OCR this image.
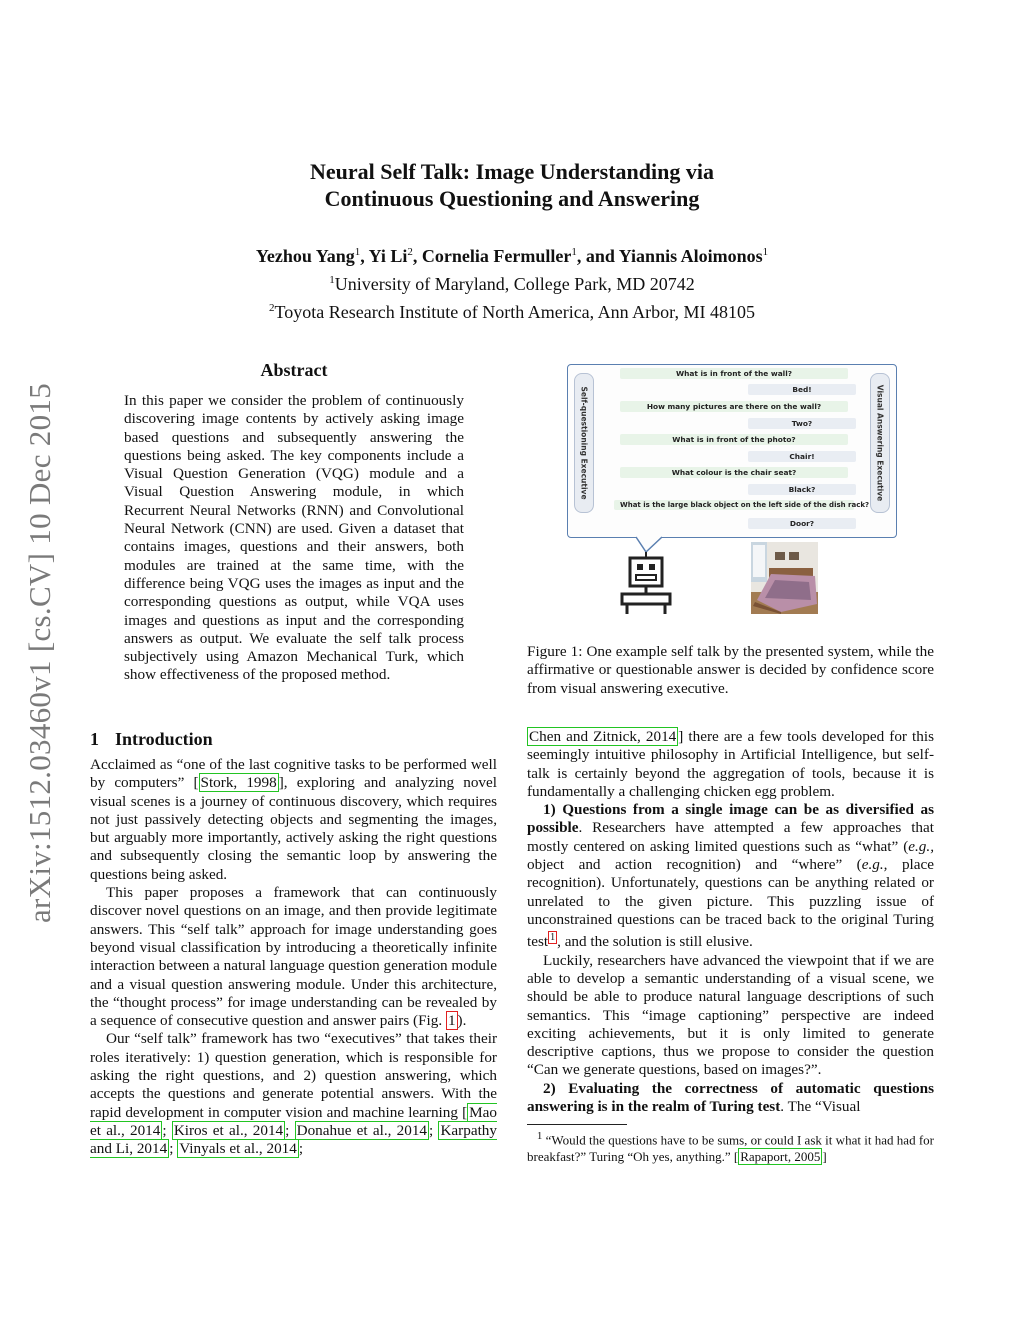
arXiv:1512.03460v1 [cs.CV] 10 Dec 2015
Neural Self Talk: Image Understanding via
Continuous Questioning and Answering
Yezhou Yang$^1$, Yi Li$^2$, Cornelia Fermuller$^1$, and Yiannis Aloimonos$^1$
$^1$University of Maryland, College Park, MD 20742
$^2$Toyota Research Institute of North America, Ann Arbor, MI 48105
Abstract
In this paper we consider the problem of continuously discovering image contents by actively asking image based questions and subsequently answering the questions being asked. The key components include a Visual Question Generation (VQG) module and a Visual Question Answering module, in which Recurrent Neural Networks (RNN) and Convolutional Neural Network (CNN) are used. Given a dataset that contains images, questions and their answers, both modules are trained at the same time, with the difference being VQG uses the images as input and the corresponding questions as output, while VQA uses images and questions as input and the corresponding answers as output. We evaluate the self talk process subjectively using Amazon Mechanical Turk, which show effectiveness of the proposed method.
1 Introduction

Acclaimed as “one of the last cognitive tasks to be performed well by computers” [ Stork, 1998 ], exploring and analyzing novel visual scenes is a journey of continuous discovery, which requires not just passively detecting objects and segmenting the images, but arguably more importantly, actively asking the right questions and subsequently closing the semantic loop by answering the questions being asked.

This paper proposes a framework that can continuously discover novel questions on an image, and then provide legitimate answers. This “self talk” approach for image understanding goes beyond visual classification by introducing a theoretically infinite interaction between a natural language question generation module and a visual question answering module. Under this architecture, the “thought process” for image understanding can be revealed by a sequence of consecutive question and answer pairs (Fig. 1 ).

Our “self talk” framework has two “executives” that takes their roles iteratively: 1) question generation, which is responsible for asking the right questions, and 2) question answering, which accepts the questions and generate potential answers. With the rapid development in computer vision and machine learning [ Mao et al., 2014 ; Kiros et al., 2014 ; Donahue et al., 2014 ; Karpathy and Li, 2014 ; Vinyals et al., 2014 ;

Chen and Zitnick, 2014 ] there are a few tools developed for this seemingly intuitive philosophy in Artificial Intelligence, but self-talk is certainly beyond the aggregation of tools, because it is fundamentally a challenging chicken egg problem.

1) Questions from a single image can be as diversified as possible. Researchers have attempted a few approaches that mostly centered on asking limited questions such as “what” (e.g., object and action recognition) and “where” (e.g., place recognition). Unfortunately, questions can be anything related or unrelated to the given picture. This puzzling issue of unconstrained questions can be traced back to the original Turing test $^1$ , and the solution is still elusive.

Luckily, researchers have advanced the viewpoint that if we are able to develop a semantic understanding of a visual scene, we should be able to produce natural language descriptions of such semantics. This “image captioning” perspective are indeed exciting achievements, but it is only limited to generate descriptive captions, thus we propose to consider the question “Can we generate questions, based on images?”.

2) Evaluating the correctness of automatic questions answering is in the realm of Turing test. The “Visual

Self-questioning Executive	Visual Answering Executive
What is in front of the wall?
Bed!
How many pictures are there on the wall?
Two?
What is in front of the photo?
Chair!
What colour is the chair seat?
Black?
What is the large black object on the left side of the dish rack?
Door?
Figure 1: One example self talk by the presented system, while the affirmative or questionable answer is decided by confidence score from visual answering executive.
$^1$ “Would the questions have to be sums, or could I ask it what it had had for breakfast?” Turing “Oh yes, anything.” [ Rapaport, 2005 ]
